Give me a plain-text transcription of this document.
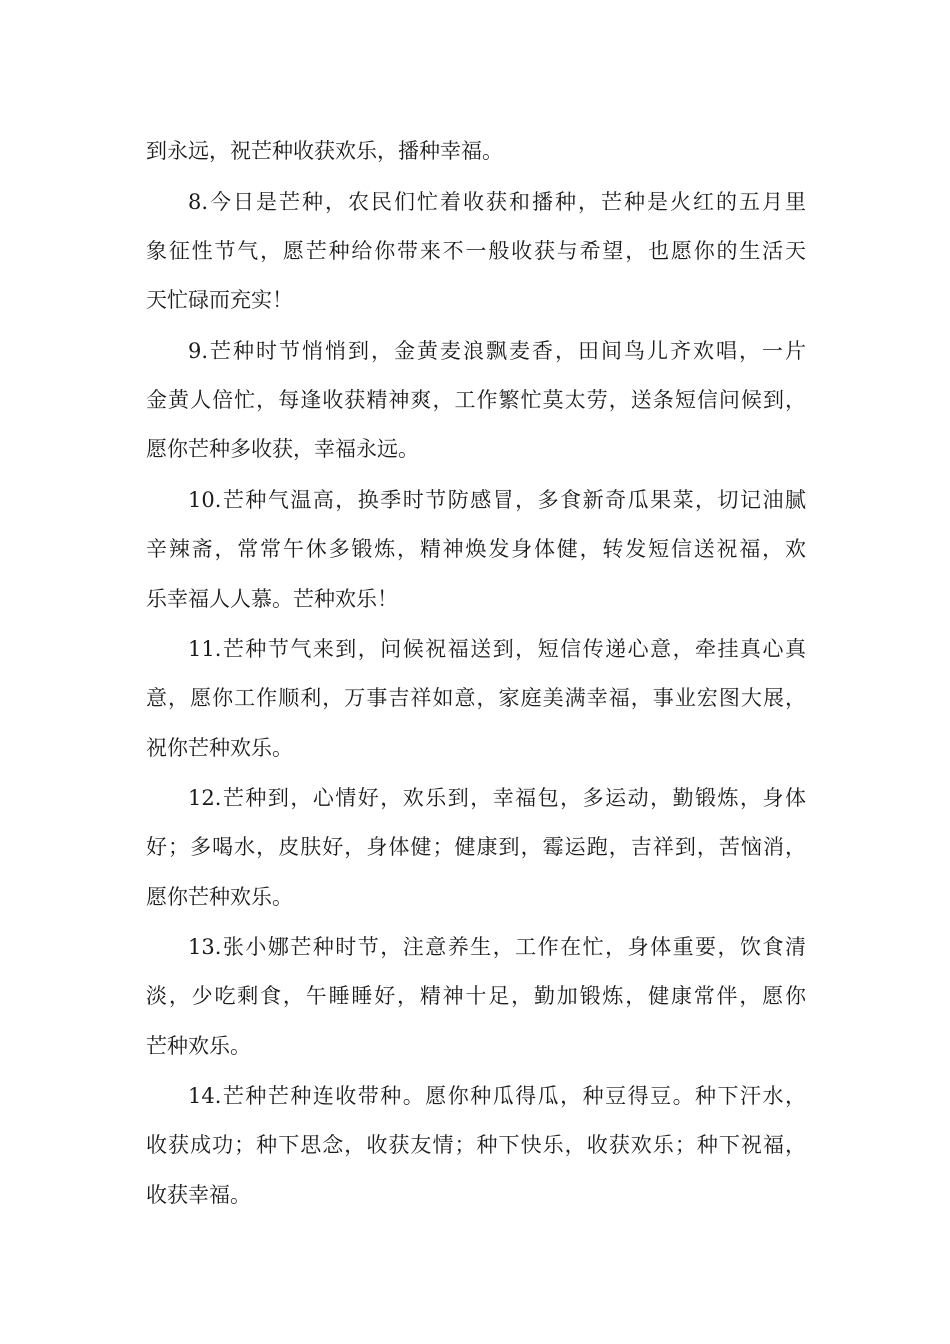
到永远，祝芒种收获欢乐，播种幸福。
8.今日是芒种，农民们忙着收获和播种，芒种是火红的五月里
象征性节气，愿芒种给你带来不一般收获与希望，也愿你的生活天
天忙碌而充实！
9.芒种时节悄悄到，金黄麦浪飘麦香，田间鸟儿齐欢唱，一片
金黄人倍忙，每逢收获精神爽，工作繁忙莫太劳，送条短信问候到，
愿你芒种多收获，幸福永远。
10.芒种气温高，换季时节防感冒，多食新奇瓜果菜，切记油腻
辛辣斋，常常午休多锻炼，精神焕发身体健，转发短信送祝福，欢
乐幸福人人慕。芒种欢乐！
11.芒种节气来到，问候祝福送到，短信传递心意，牵挂真心真
意，愿你工作顺利，万事吉祥如意，家庭美满幸福，事业宏图大展，
祝你芒种欢乐。
12.芒种到，心情好，欢乐到，幸福包，多运动，勤锻炼，身体
好；多喝水，皮肤好，身体健；健康到，霉运跑，吉祥到，苦恼消，
愿你芒种欢乐。
13.张小娜芒种时节，注意养生，工作在忙，身体重要，饮食清
淡，少吃剩食，午睡睡好，精神十足，勤加锻炼，健康常伴，愿你
芒种欢乐。
14.芒种芒种连收带种。愿你种瓜得瓜，种豆得豆。种下汗水，
收获成功；种下思念，收获友情；种下快乐，收获欢乐；种下祝福，
收获幸福。
